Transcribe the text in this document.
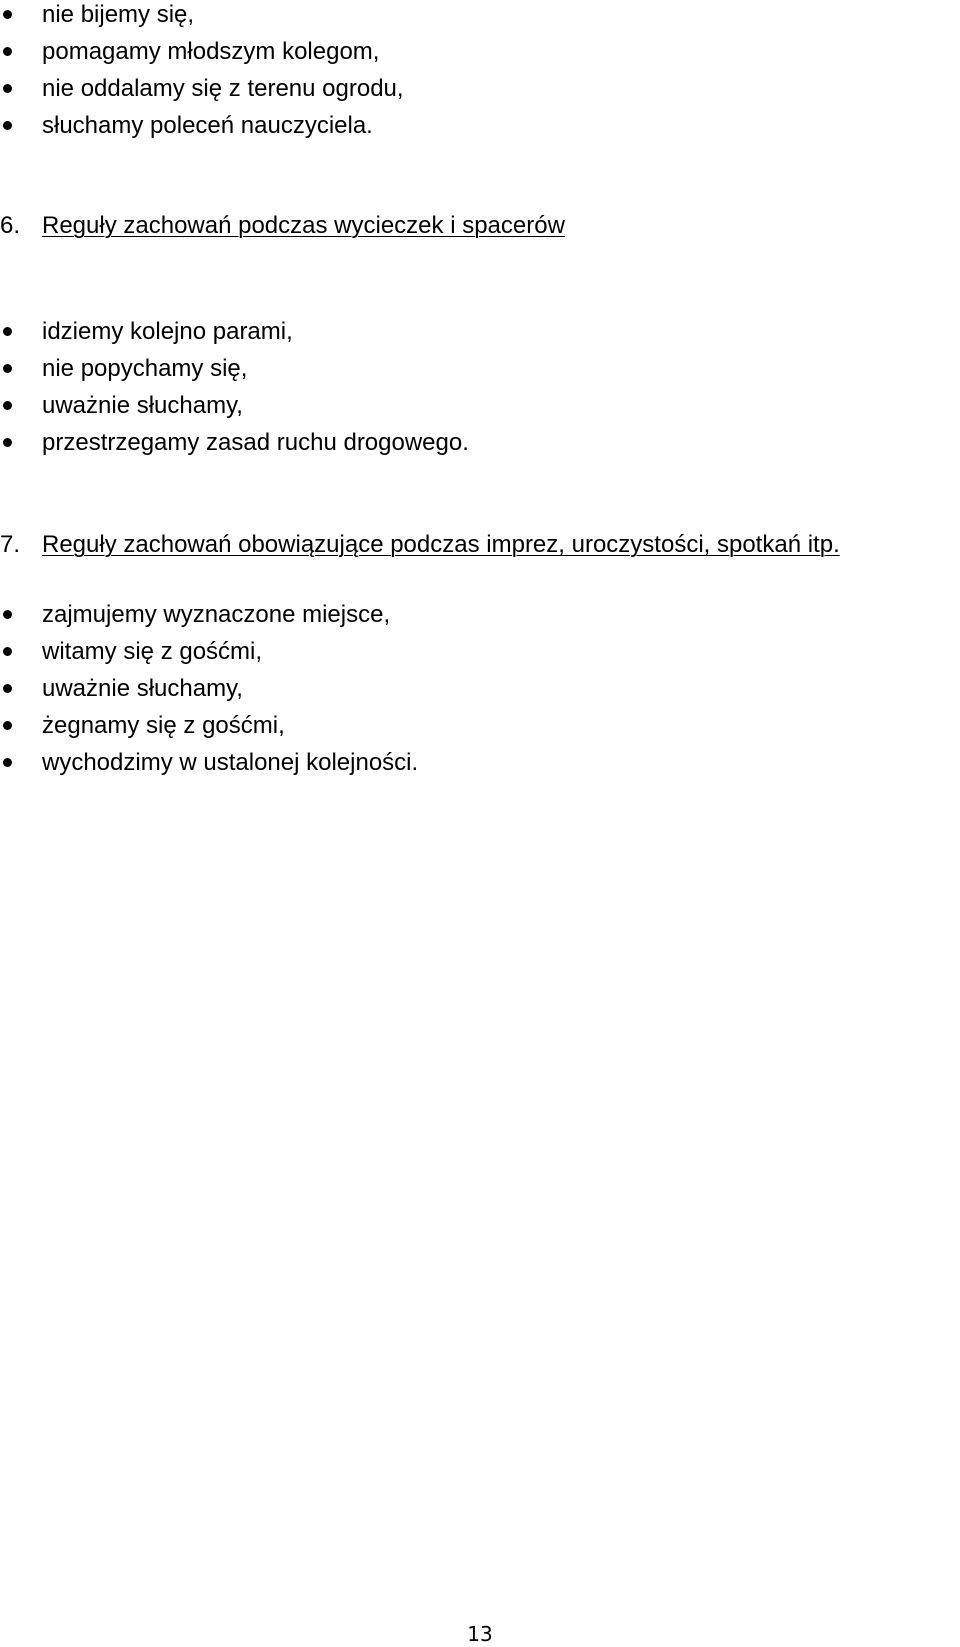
nie bijemy się,
pomagamy młodszym kolegom,
nie oddalamy się z terenu ogrodu,
słuchamy poleceń nauczyciela.
6. Reguły zachowań podczas wycieczek i spacerów
idziemy kolejno parami,
nie popychamy się,
uważnie słuchamy,
przestrzegamy zasad ruchu drogowego.
7. Reguły zachowań obowiązujące podczas imprez, uroczystości, spotkań itp.
zajmujemy wyznaczone miejsce,
witamy się z gośćmi,
uważnie słuchamy,
żegnamy się z gośćmi,
wychodzimy w ustalonej kolejności.
13
